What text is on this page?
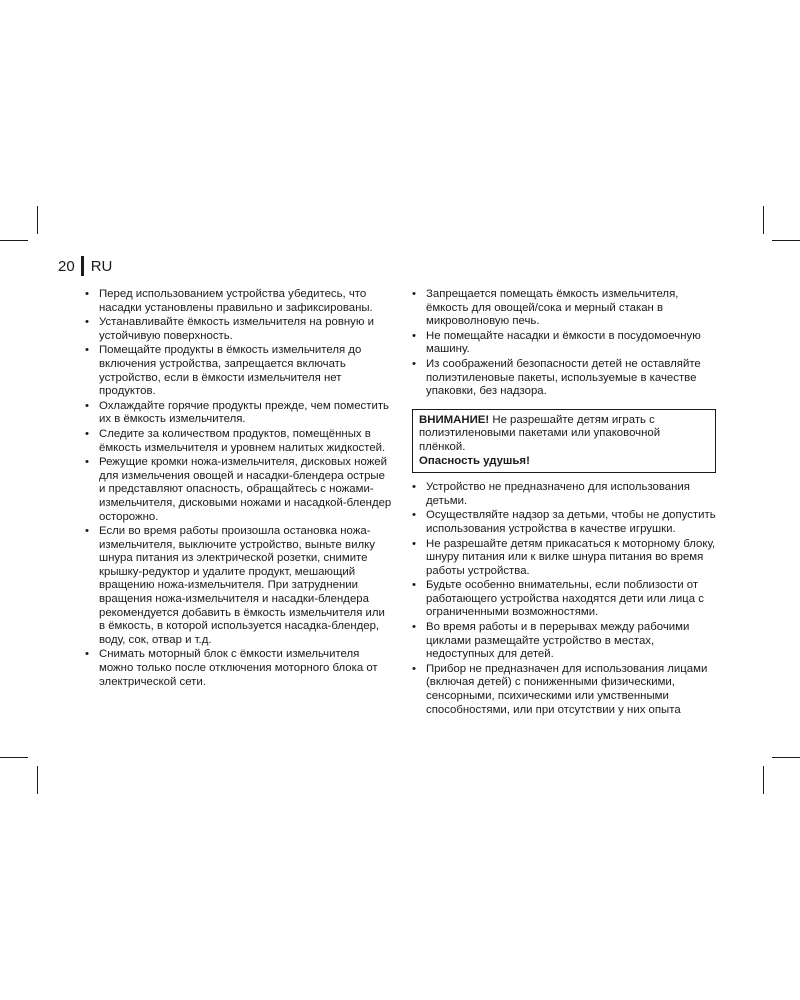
20 RU
• Перед использованием устройства убедитесь, что насадки установлены правильно и зафиксированы.
• Устанавливайте ёмкость измельчителя на ровную и устойчивую поверхность.
• Помещайте продукты в ёмкость измельчителя до включения устройства, запрещается включать устройство, если в ёмкости измельчителя нет продуктов.
• Охлаждайте горячие продукты прежде, чем поместить их в ёмкость измельчителя.
• Следите за количеством продуктов, помещённых в ёмкость измельчителя и уровнем налитых жидкостей.
• Режущие кромки ножа-измельчителя, дисковых ножей для измельчения овощей и насадки-блендера острые и представляют опасность, обращайтесь с ножами-измельчителя, дисковыми ножами и насадкой-блендер осторожно.
• Если во время работы произошла остановка ножа-измельчителя, выключите устройство, выньте вилку шнура питания из электрической розетки, снимите крышку-редуктор и удалите продукт, мешающий вращению ножа-измельчителя. При затруднении вращения ножа-измельчителя и насадки-блендера рекомендуется добавить в ёмкость измельчителя или в ёмкость, в которой используется насадка-блендер, воду, сок, отвар и т.д.
• Снимать моторный блок с ёмкости измельчителя можно только после отключения моторного блока от электрической сети.
• Запрещается помещать ёмкость измельчителя, ёмкость для овощей/сока и мерный стакан в микроволновую печь.
• Не помещайте насадки и ёмкости в посудомоечную машину.
• Из соображений безопасности детей не оставляйте полиэтиленовые пакеты, используемые в качестве упаковки, без надзора.
ВНИМАНИЕ! Не разрешайте детям играть с полиэтиленовыми пакетами или упаковочной плёнкой.
Опасность удушья!
• Устройство не предназначено для использования детьми.
• Осуществляйте надзор за детьми, чтобы не допустить использования устройства в качестве игрушки.
• Не разрешайте детям прикасаться к моторному блоку, шнуру питания или к вилке шнура питания во время работы устройства.
• Будьте особенно внимательны, если поблизости от работающего устройства находятся дети или лица с ограниченными возможностями.
• Во время работы и в перерывах между рабочими циклами размещайте устройство в местах, недоступных для детей.
• Прибор не предназначен для использования лицами (включая детей) с пониженными физическими, сенсорными, психическими или умственными способностями, или при отсутствии у них опыта
